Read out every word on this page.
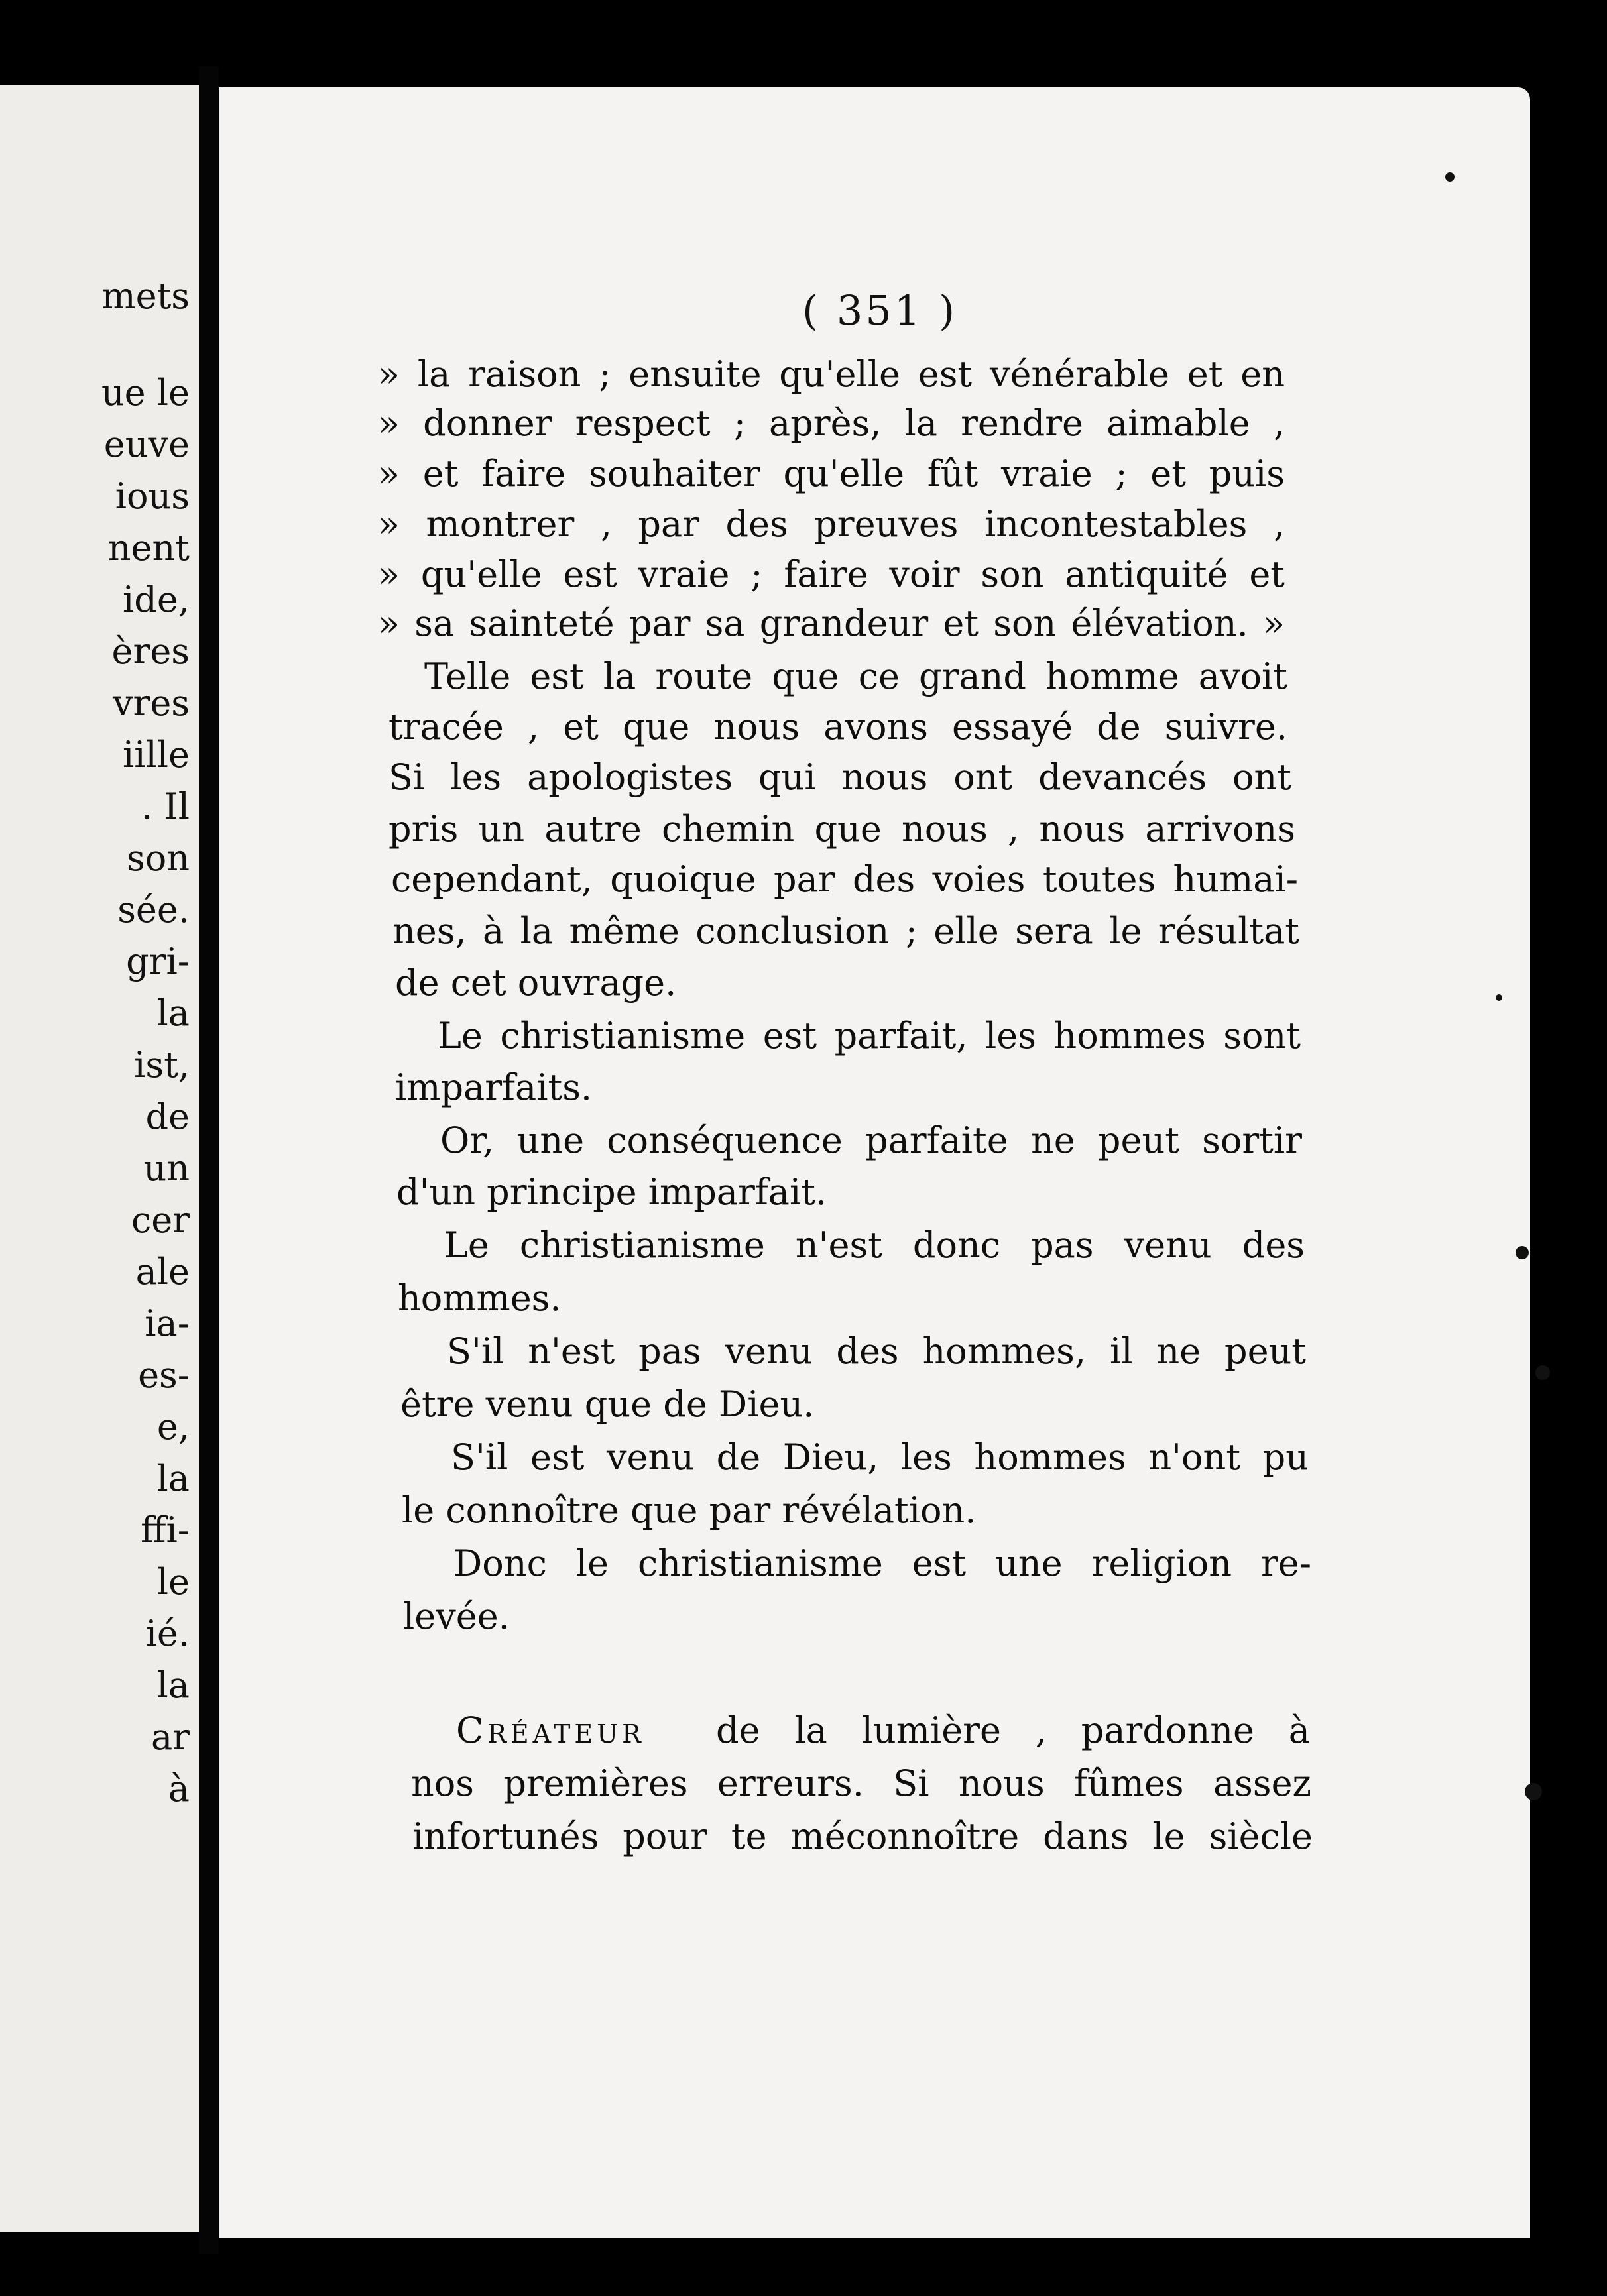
mets
ue le
euve
ious
nent
ide,
ères
vres
iille
. Il
son
sée.
gri-
la
ist,
de
un
cer
ale
ia-
es-
e,
la
ffi-
le
ié.
la
ar
à
( 351 )
» la raison ; ensuite qu'elle est vénérable et en
» donner respect ; après, la rendre aimable ,
» et faire souhaiter qu'elle fût vraie ; et puis
» montrer , par des preuves incontestables ,
» qu'elle est vraie ; faire voir son antiquité et
» sa sainteté par sa grandeur et son élévation. »
Telle est la route que ce grand homme avoit
tracée , et que nous avons essayé de suivre.
Si les apologistes qui nous ont devancés ont
pris un autre chemin que nous , nous arrivons
cependant, quoique par des voies toutes humai-
nes, à la même conclusion ; elle sera le résultat
de cet ouvrage.
Le christianisme est parfait, les hommes sont
imparfaits.
Or, une conséquence parfaite ne peut sortir
d'un principe imparfait.
Le christianisme n'est donc pas venu des
hommes.
S'il n'est pas venu des hommes, il ne peut
être venu que de Dieu.
S'il est venu de Dieu, les hommes n'ont pu
le connoître que par révélation.
Donc le christianisme est une religion re-
levée.
de la lumière , pardonne à
nos premières erreurs. Si nous fûmes assez
infortunés pour te méconnoître dans le siècle
Créateur
